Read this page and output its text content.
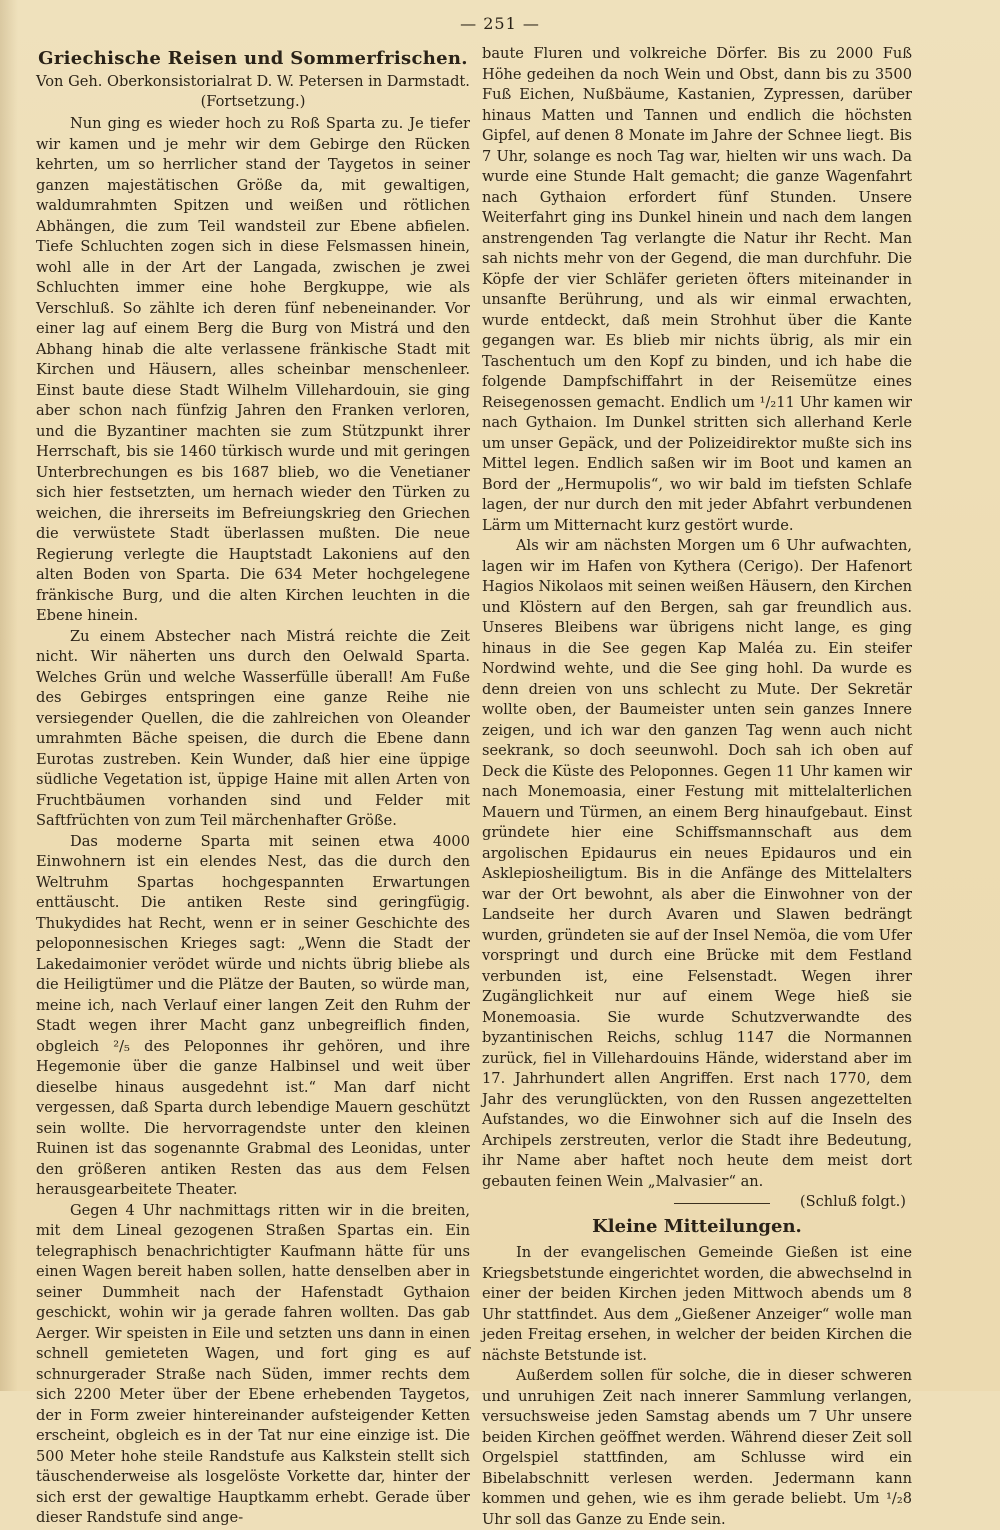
— 251 —
Griechische Reisen und Sommerfrischen.
Von Geh. Oberkonsistorialrat D. W. Petersen in Darmstadt.
(Fortsetzung.)

Nun ging es wieder hoch zu Roß Sparta zu. Je tiefer wir kamen und je mehr wir dem Gebirge den Rücken kehrten, um so herrlicher stand der Taygetos in seiner ganzen majestätischen Größe da, mit gewaltigen, waldumrahmten Spitzen und weißen und rötlichen Abhängen, die zum Teil wandsteil zur Ebene abfielen. Tiefe Schluchten zogen sich in diese Felsmassen hinein, wohl alle in der Art der Langada, zwischen je zwei Schluchten immer eine hohe Bergkuppe, wie als Verschluß. So zählte ich deren fünf nebeneinander. Vor einer lag auf einem Berg die Burg von Mistrá und den Abhang hinab die alte verlassene fränkische Stadt mit Kirchen und Häusern, alles scheinbar menschenleer. Einst baute diese Stadt Wilhelm Villehardouin, sie ging aber schon nach fünfzig Jahren den Franken verloren, und die Byzantiner machten sie zum Stützpunkt ihrer Herrschaft, bis sie 1460 türkisch wurde und mit geringen Unterbrechungen es bis 1687 blieb, wo die Venetianer sich hier festsetzten, um hernach wieder den Türken zu weichen, die ihrerseits im Befreiungskrieg den Griechen die verwüstete Stadt überlassen mußten. Die neue Regierung verlegte die Hauptstadt Lakoniens auf den alten Boden von Sparta. Die 634 Meter hochgelegene fränkische Burg, und die alten Kirchen leuchten in die Ebene hinein.

Zu einem Abstecher nach Mistrá reichte die Zeit nicht. Wir näherten uns durch den Oelwald Sparta. Welches Grün und welche Wasserfülle überall! Am Fuße des Gebirges entspringen eine ganze Reihe nie versiegender Quellen, die die zahlreichen von Oleander umrahmten Bäche speisen, die durch die Ebene dann Eurotas zustreben. Kein Wunder, daß hier eine üppige südliche Vegetation ist, üppige Haine mit allen Arten von Fruchtbäumen vorhanden sind und Felder mit Saftfrüchten von zum Teil märchenhafter Größe.

Das moderne Sparta mit seinen etwa 4000 Einwohnern ist ein elendes Nest, das die durch den Weltruhm Spartas hochgespannten Erwartungen enttäuscht. Die antiken Reste sind geringfügig. Thukydides hat Recht, wenn er in seiner Geschichte des peloponnesischen Krieges sagt: „Wenn die Stadt der Lakedaimonier verödet würde und nichts übrig bliebe als die Heiligtümer und die Plätze der Bauten, so würde man, meine ich, nach Verlauf einer langen Zeit den Ruhm der Stadt wegen ihrer Macht ganz unbegreiflich finden, obgleich ²/₅ des Peloponnes ihr gehören, und ihre Hegemonie über die ganze Halbinsel und weit über dieselbe hinaus ausgedehnt ist.“ Man darf nicht vergessen, daß Sparta durch lebendige Mauern geschützt sein wollte. Die hervorragendste unter den kleinen Ruinen ist das sogenannte Grabmal des Leonidas, unter den größeren antiken Resten das aus dem Felsen herausgearbeitete Theater.

Gegen 4 Uhr nachmittags ritten wir in die breiten, mit dem Lineal gezogenen Straßen Spartas ein. Ein telegraphisch benachrichtigter Kaufmann hätte für uns einen Wagen bereit haben sollen, hatte denselben aber in seiner Dummheit nach der Hafenstadt Gythaion geschickt, wohin wir ja gerade fahren wollten. Das gab Aerger. Wir speisten in Eile und setzten uns dann in einen schnell gemieteten Wagen, und fort ging es auf schnurgerader Straße nach Süden, immer rechts dem sich 2200 Meter über der Ebene erhebenden Taygetos, der in Form zweier hintereinander aufsteigender Ketten erscheint, obgleich es in der Tat nur eine einzige ist. Die 500 Meter hohe steile Randstufe aus Kalkstein stellt sich täuschenderweise als losgelöste Vorkette dar, hinter der sich erst der gewaltige Hauptkamm erhebt. Gerade über dieser Randstufe sind ange-

baute Fluren und volkreiche Dörfer. Bis zu 2000 Fuß Höhe gedeihen da noch Wein und Obst, dann bis zu 3500 Fuß Eichen, Nußbäume, Kastanien, Zypressen, darüber hinaus Matten und Tannen und endlich die höchsten Gipfel, auf denen 8 Monate im Jahre der Schnee liegt. Bis 7 Uhr, solange es noch Tag war, hielten wir uns wach. Da wurde eine Stunde Halt gemacht; die ganze Wagenfahrt nach Gythaion erfordert fünf Stunden. Unsere Weiterfahrt ging ins Dunkel hinein und nach dem langen anstrengenden Tag verlangte die Natur ihr Recht. Man sah nichts mehr von der Gegend, die man durchfuhr. Die Köpfe der vier Schläfer gerieten öfters miteinander in unsanfte Berührung, und als wir einmal erwachten, wurde entdeckt, daß mein Strohhut über die Kante gegangen war. Es blieb mir nichts übrig, als mir ein Taschentuch um den Kopf zu binden, und ich habe die folgende Dampfschiffahrt in der Reisemütze eines Reisegenossen gemacht. Endlich um ¹/₂11 Uhr kamen wir nach Gythaion. Im Dunkel stritten sich allerhand Kerle um unser Gepäck, und der Polizeidirektor mußte sich ins Mittel legen. Endlich saßen wir im Boot und kamen an Bord der „Hermupolis“, wo wir bald im tiefsten Schlafe lagen, der nur durch den mit jeder Abfahrt verbundenen Lärm um Mitternacht kurz gestört wurde.

Als wir am nächsten Morgen um 6 Uhr aufwachten, lagen wir im Hafen von Kythera (Cerigo). Der Hafenort Hagios Nikolaos mit seinen weißen Häusern, den Kirchen und Klöstern auf den Bergen, sah gar freundlich aus. Unseres Bleibens war übrigens nicht lange, es ging hinaus in die See gegen Kap Maléa zu. Ein steifer Nordwind wehte, und die See ging hohl. Da wurde es denn dreien von uns schlecht zu Mute. Der Sekretär wollte oben, der Baumeister unten sein ganzes Innere zeigen, und ich war den ganzen Tag wenn auch nicht seekrank, so doch seeunwohl. Doch sah ich oben auf Deck die Küste des Peloponnes. Gegen 11 Uhr kamen wir nach Monemoasia, einer Festung mit mittelalterlichen Mauern und Türmen, an einem Berg hinaufgebaut. Einst gründete hier eine Schiffsmannschaft aus dem argolischen Epidaurus ein neues Epidauros und ein Asklepiosheiligtum. Bis in die Anfänge des Mittelalters war der Ort bewohnt, als aber die Einwohner von der Landseite her durch Avaren und Slawen bedrängt wurden, gründeten sie auf der Insel Nemöa, die vom Ufer vorspringt und durch eine Brücke mit dem Festland verbunden ist, eine Felsenstadt. Wegen ihrer Zugänglichkeit nur auf einem Wege hieß sie Monemoasia. Sie wurde Schutzverwandte des byzantinischen Reichs, schlug 1147 die Normannen zurück, fiel in Villehardouins Hände, widerstand aber im 17. Jahrhundert allen Angriffen. Erst nach 1770, dem Jahr des verunglückten, von den Russen angezettelten Aufstandes, wo die Einwohner sich auf die Inseln des Archipels zerstreuten, verlor die Stadt ihre Bedeutung, ihr Name aber haftet noch heute dem meist dort gebauten feinen Wein „Malvasier“ an.

(Schluß folgt.)
Kleine Mitteilungen.

In der evangelischen Gemeinde Gießen ist eine Kriegsbetstunde eingerichtet worden, die abwechselnd in einer der beiden Kirchen jeden Mittwoch abends um 8 Uhr stattfindet. Aus dem „Gießener Anzeiger“ wolle man jeden Freitag ersehen, in welcher der beiden Kirchen die nächste Betstunde ist.

Außerdem sollen für solche, die in dieser schweren und unruhigen Zeit nach innerer Sammlung verlangen, versuchsweise jeden Samstag abends um 7 Uhr unsere beiden Kirchen geöffnet werden. Während dieser Zeit soll Orgelspiel stattfinden, am Schlusse wird ein Bibelabschnitt verlesen werden. Jedermann kann kommen und gehen, wie es ihm gerade beliebt. Um ¹/₂8 Uhr soll das Ganze zu Ende sein.
